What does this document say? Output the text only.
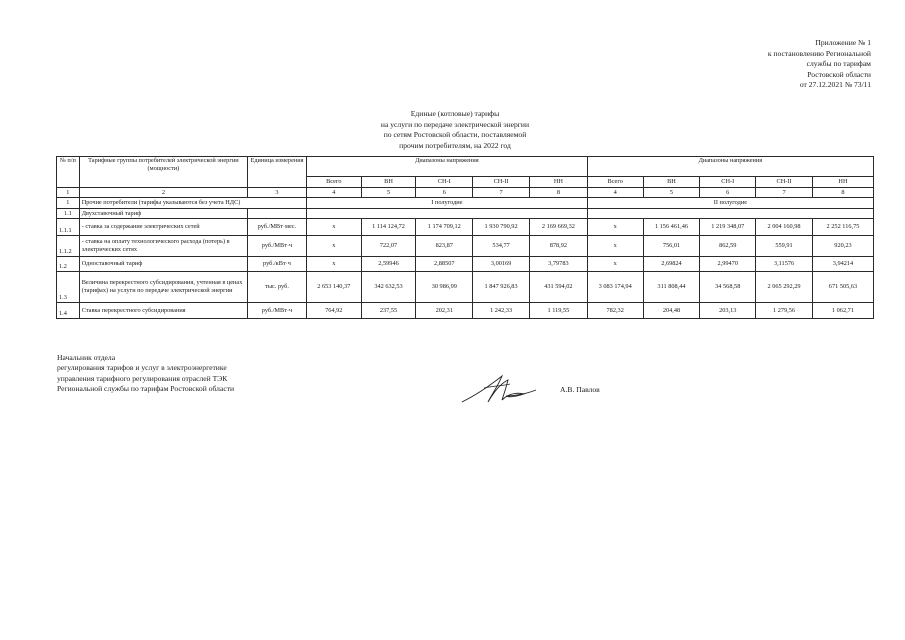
Приложение № 1
к постановлению Региональной
службы по тарифам
Ростовской области
от 27.12.2021 № 73/11
Единые (котловые) тарифы
на услуги по передаче электрической энергии
по сетям Ростовской области, поставляемой
прочим потребителям, на 2022 год
№ п/п	Тарифные группы потребителей электрической энергии (мощности)	Единица измерения	Диапазоны напряжения					Диапазоны напряжения				
			Всего	ВН	СН-I	СН-II	НН	Всего	ВН	СН-I	СН-II	НН
1	2	3	4	5	6	7	8	4	5	6	7	8
1	Прочие потребители (тарифы указываются без учета НДС)		I полугодие					II полугодие				
1.1	Двухставочный тариф											
1.1.1	- ставка за содержание электрических сетей	руб./МВт·мес.	x	1 114 124,72	1 174 709,12	1 930 790,92	2 169 669,32	x	1 156 461,46	1 219 348,07	2 004 160,98	2 252 116,75
1.1.2	- ставка на оплату технологического расхода (потерь) в электрических сетях	руб./МВт·ч	x	722,07	823,87	534,77	878,92	x	756,01	862,59	559,91	920,23
1.2	Одноставочный тариф	руб./кВт·ч	x	2,59946	2,88507	3,00169	3,79783	x	2,69824	2,99470	3,11576	3,94214
1.3	Величина перекрестного субсидирования, учтенная в ценах (тарифах) на услуги по передаче электрической энергии	тыс. руб.	2 653 140,37	342 632,53	30 986,99	1 847 926,83	431 594,02	3 083 174,94	311 808,44	34 568,58	2 065 292,29	671 505,63
1.4	Ставка перекрестного субсидирования	руб./МВт·ч	764,92	237,55	202,31	1 242,33	1 119,55	782,32	204,48	203,13	1 279,56	1 062,71
Начальник отдела
регулирования тарифов и услуг в электроэнергетике
управления тарифного регулирования отраслей ТЭК
Региональной службы по тарифам Ростовской области	А.В. Павлов
